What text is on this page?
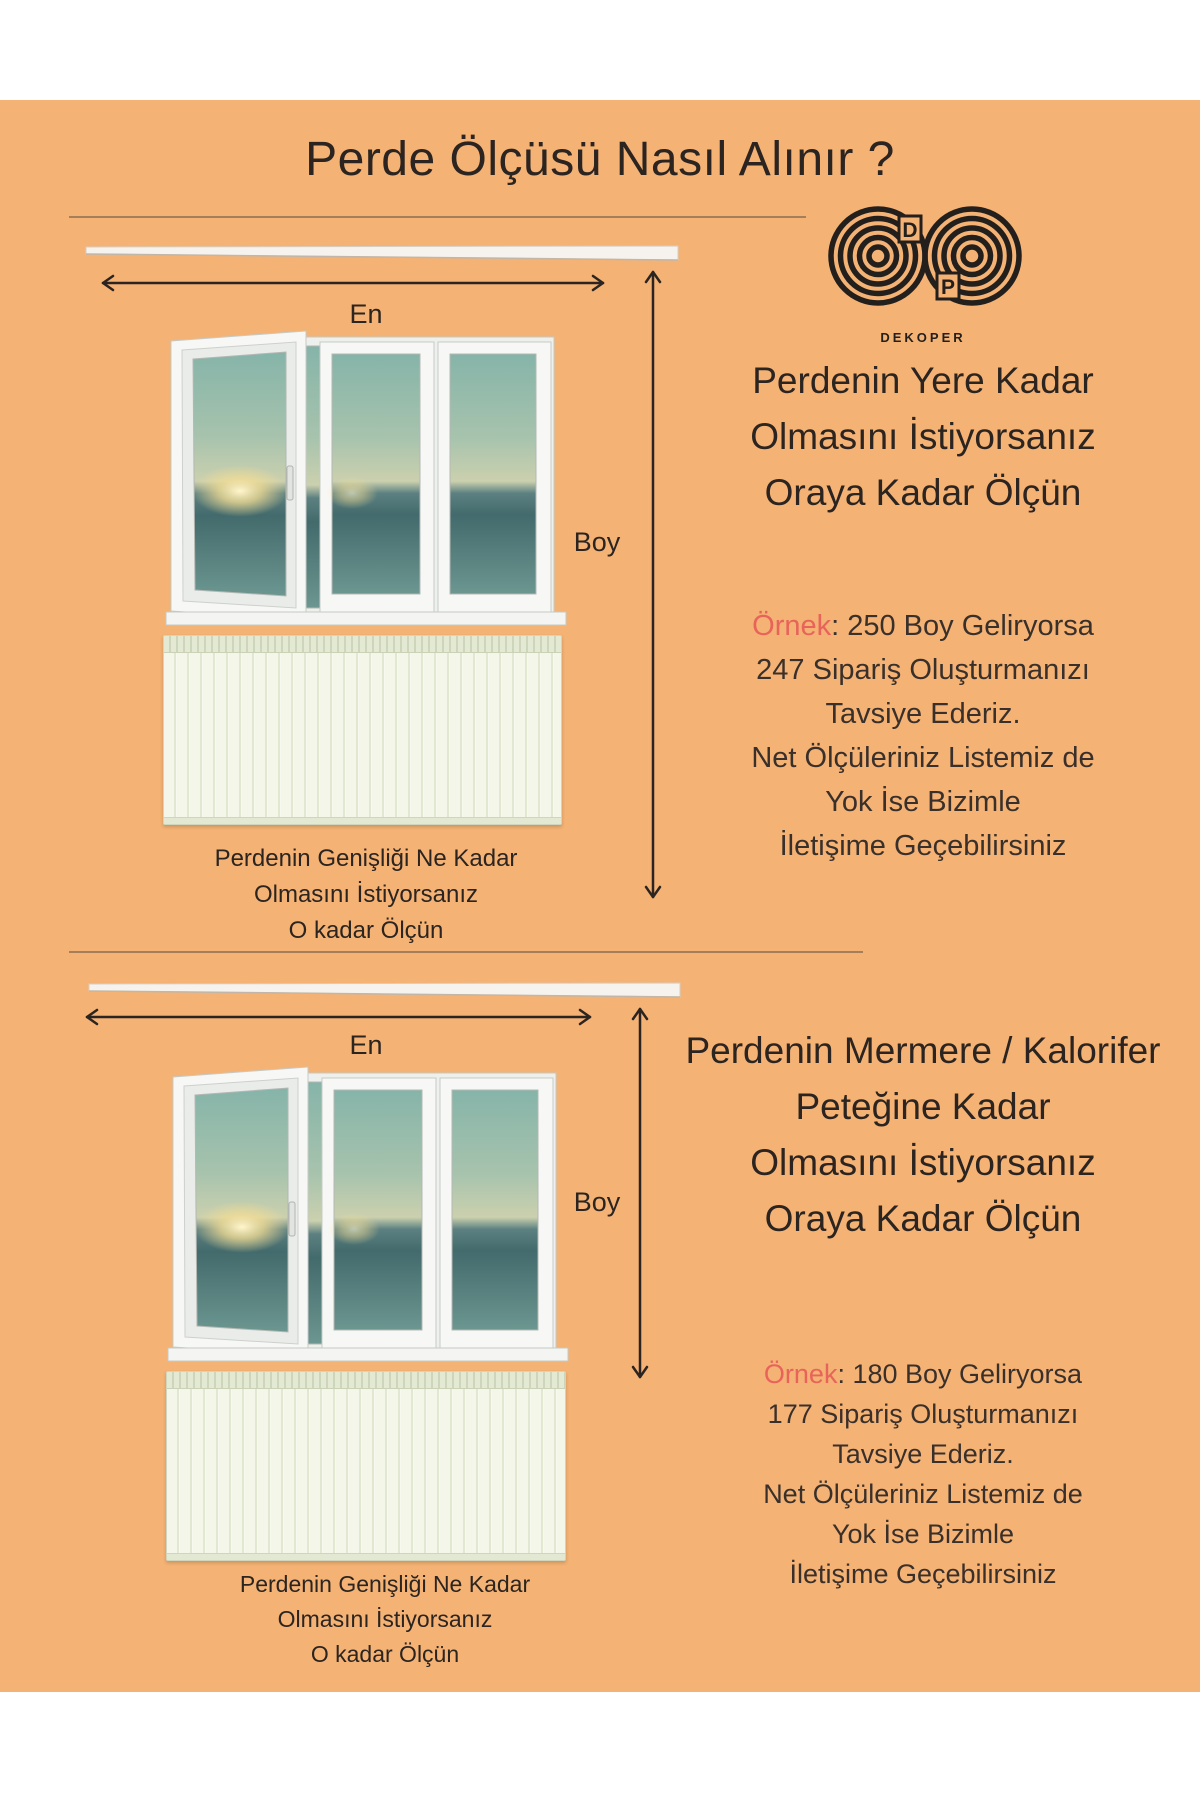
Perde Ölçüsü Nasıl Alınır ?
D
P
DEKOPER
En
Boy
Perdenin Genişliği Ne Kadar
Olmasını İstiyorsanız
O kadar Ölçün
Perdenin Yere Kadar
Olmasını İstiyorsanız
Oraya Kadar Ölçün
Örnek: 250 Boy Geliryorsa
247 Sipariş Oluşturmanızı
Tavsiye Ederiz.
Net Ölçüleriniz Listemiz de
Yok İse Bizimle
İletişime Geçebilirsiniz
En
Boy
Perdenin Genişliği Ne Kadar
Olmasını İstiyorsanız
O kadar Ölçün
Perdenin Mermere / Kalorifer
Peteğine Kadar
Olmasını İstiyorsanız
Oraya Kadar Ölçün
Örnek: 180 Boy Geliryorsa
177 Sipariş Oluşturmanızı
Tavsiye Ederiz.
Net Ölçüleriniz Listemiz de
Yok İse Bizimle
İletişime Geçebilirsiniz
